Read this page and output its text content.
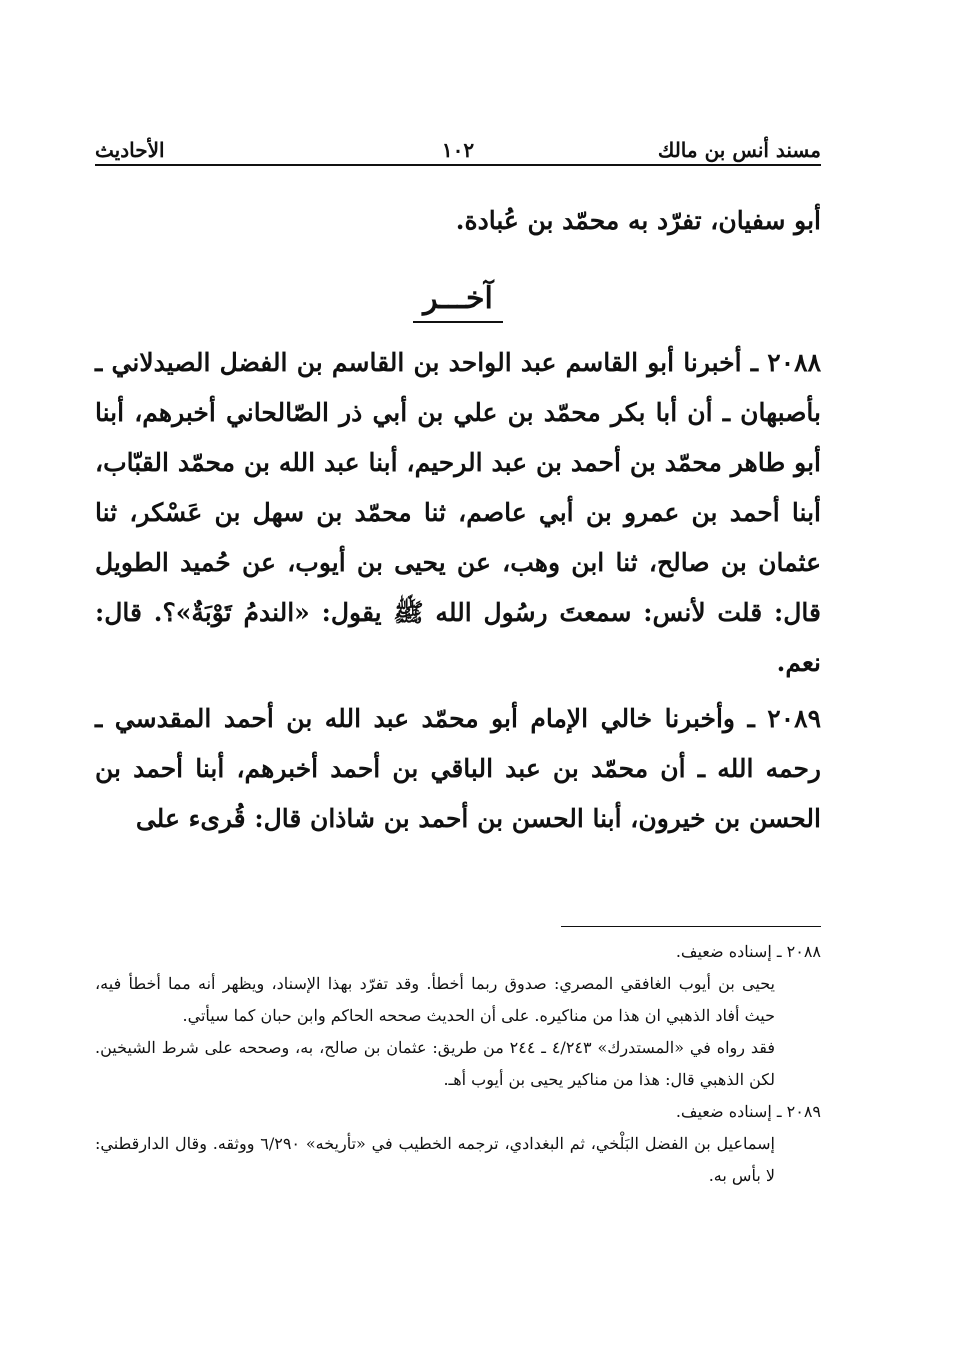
مسند أنس بن مالك
١٠٢
الأحاديث

أبو سفيان، تفرّد به محمّد بن عُبادة.

آخـــر

٢٠٨٨ ـ أخبرنا أبو القاسم عبد الواحد بن القاسم بن الفضل الصيدلاني ـ بأصبهان ـ أن أبا بكر محمّد بن علي بن أبي ذر الصّالحاني أخبرهم، أبنا أبو طاهر محمّد بن أحمد بن عبد الرحيم، أبنا عبد الله بن محمّد القبّاب، أبنا أحمد بن عمرو بن أبي عاصم، ثنا محمّد بن سهل بن عَسْكر، ثنا عثمان بن صالح، ثنا ابن وهب، عن يحيى بن أيوب، عن حُميد الطويل قال: قلت لأنس: سمعتَ رسُول الله ﷺ يقول: «الندمُ تَوْبَةٌ»؟. قال: نعم.

٢٠٨٩ ـ وأخبرنا خالي الإمام أبو محمّد عبد الله بن أحمد المقدسي ـ رحمه الله ـ أن محمّد بن عبد الباقي بن أحمد أخبرهم، أبنا أحمد بن الحسن بن خيرون، أبنا الحسن بن أحمد بن شاذان قال: قُرىء على

٢٠٨٨ ـ إسناده ضعيف.

يحيى بن أيوب الغافقي المصري: صدوق ربما أخطأ. وقد تفرّد بهذا الإسناد، ويظهر أنه مما أخطأ فيه، حيث أفاد الذهبي ان هذا من مناكيره. على أن الحديث صححه الحاكم وابن حبان كما سيأتي.

فقد رواه في «المستدرك» ٤/٢٤٣ ـ ٢٤٤ من طريق: عثمان بن صالح، به، وصححه على شرط الشيخين. لكن الذهبي قال: هذا من مناكير يحيى بن أيوب أهـ.

٢٠٨٩ ـ إسناده ضعيف.

إسماعيل بن الفضل البَلْخي، ثم البغدادي، ترجمه الخطيب في «تأريخه» ٦/٢٩٠ ووثقه. وقال الدارقطني: لا بأس به.
